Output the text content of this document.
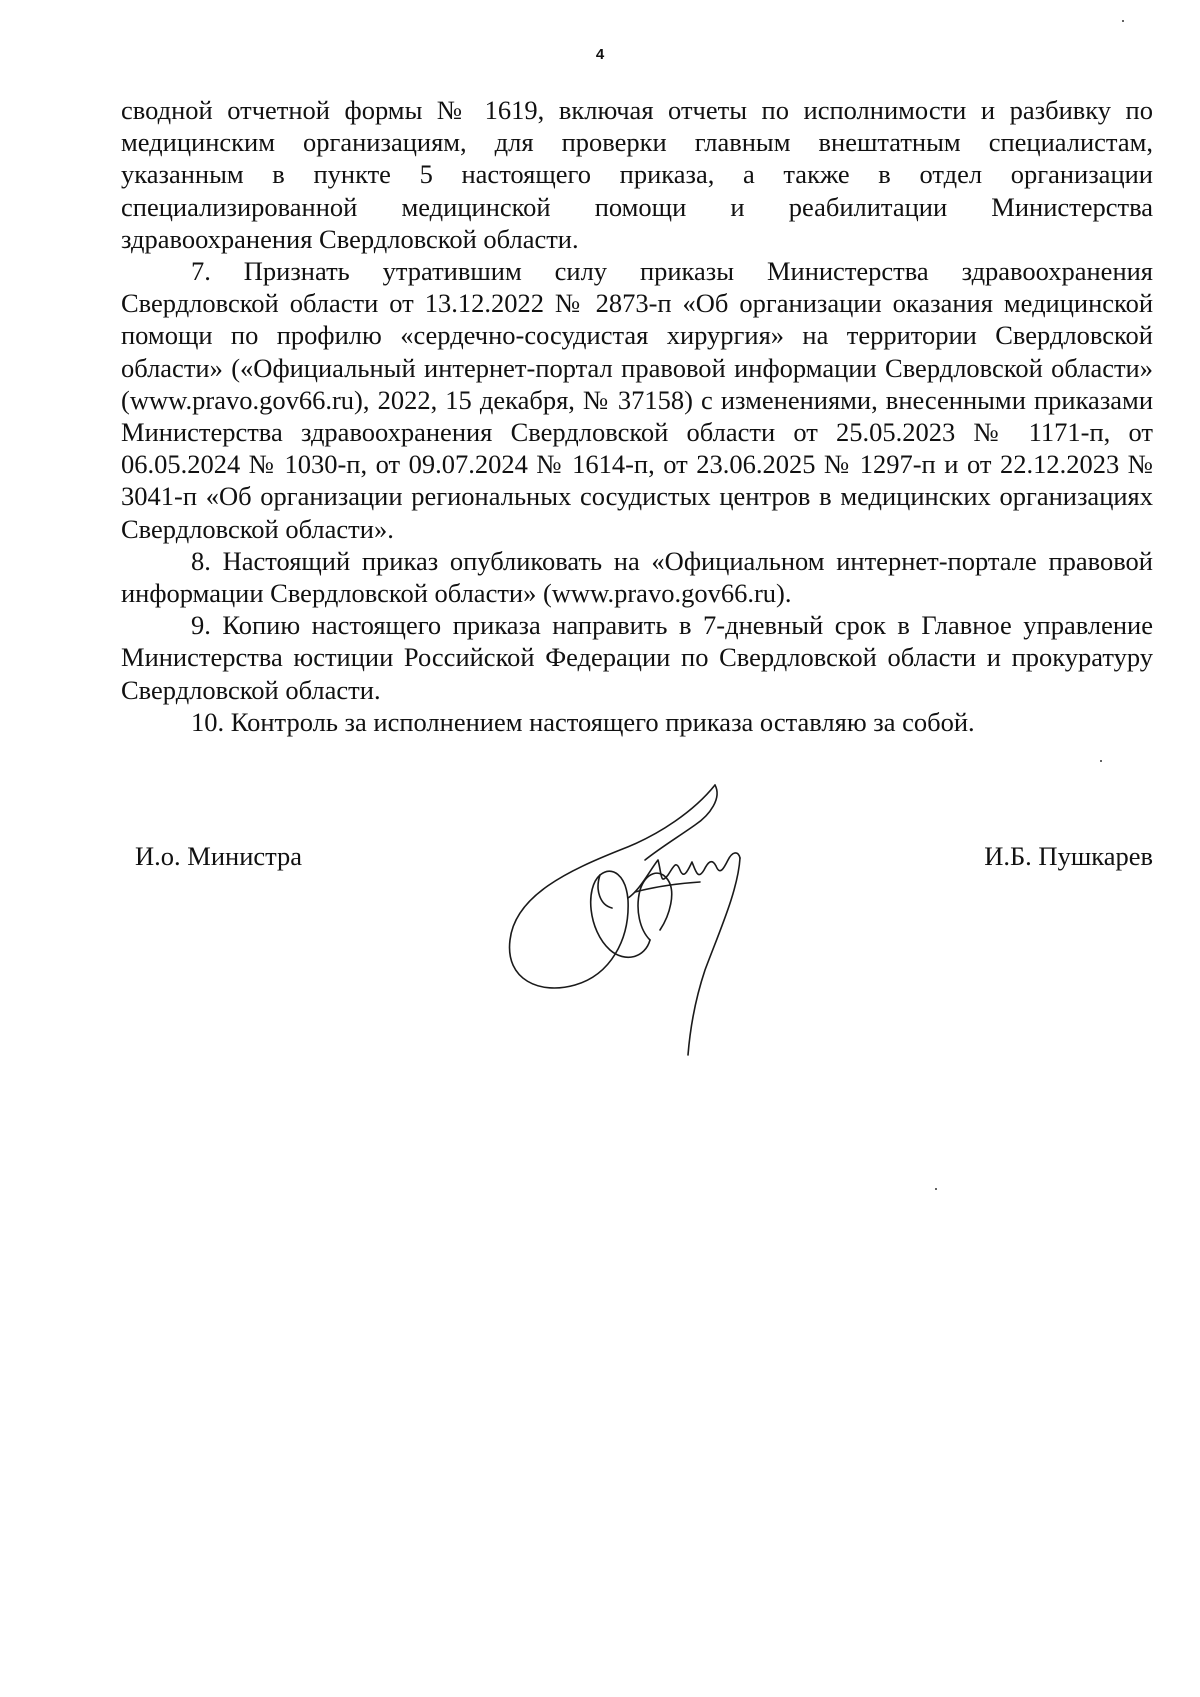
4

сводной отчетной формы № 1619, включая отчеты по исполнимости и разбивку по медицинским организациям, для проверки главным внештатным специалистам, указанным в пункте 5 настоящего приказа, а также в отдел организации специализированной медицинской помощи и реабилитации Министерства здравоохранения Свердловской области.

7. Признать утратившим силу приказы Министерства здравоохранения Свердловской области от 13.12.2022 № 2873-п «Об организации оказания медицинской помощи по профилю «сердечно-сосудистая хирургия» на территории Свердловской области» («Официальный интернет-портал правовой информации Свердловской области» (www.pravo.gov66.ru), 2022, 15 декабря, № 37158) с изменениями, внесенными приказами Министерства здравоохранения Свердловской области от 25.05.2023 № 1171-п, от 06.05.2024 № 1030-п, от 09.07.2024 № 1614-п, от 23.06.2025 № 1297-п и от 22.12.2023 № 3041-п «Об организации региональных сосудистых центров в медицинских организациях Свердловской области».

8. Настоящий приказ опубликовать на «Официальном интернет-портале правовой информации Свердловской области» (www.pravo.gov66.ru).

9. Копию настоящего приказа направить в 7-дневный срок в Главное управление Министерства юстиции Российской Федерации по Свердловской области и прокуратуру Свердловской области.

10. Контроль за исполнением настоящего приказа оставляю за собой.

И.о. Министра	И.Б. Пушкарев
